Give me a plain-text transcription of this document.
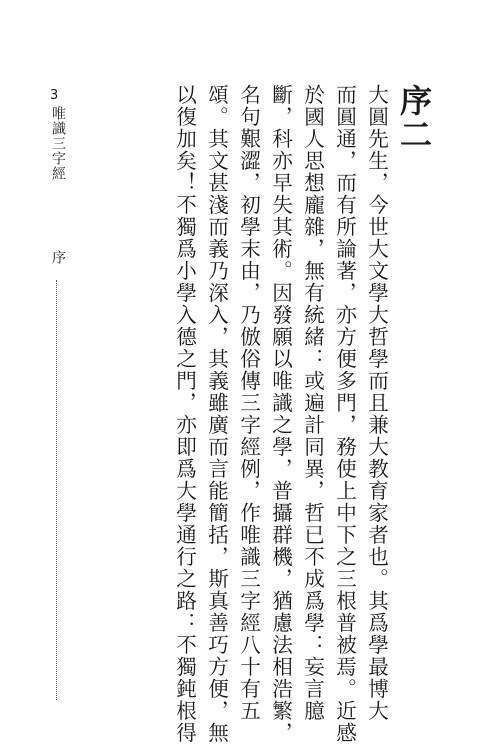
序二
大圓先生，今世大文學大哲學而且兼大教育家者也。其爲學最博大
而圓通，而有所論著，亦方便多門，務使上中下之三根普被焉。近感
於國人思想龐雜，無有統緒：或遍計同異，哲已不成爲學：妄言臆
斷，科亦早失其術。因發願以唯識之學，普攝群機，猶慮法相浩繁，
名句艱澀，初學末由，乃倣俗傳三字經例，作唯識三字經八十有五
頌。其文甚淺而義乃深入，其義雖廣而言能簡括，斯真善巧方便，無
以復加矣！不獨爲小學入德之門，亦即爲大學通行之路：不獨鈍根得
3
唯識三字經
序
